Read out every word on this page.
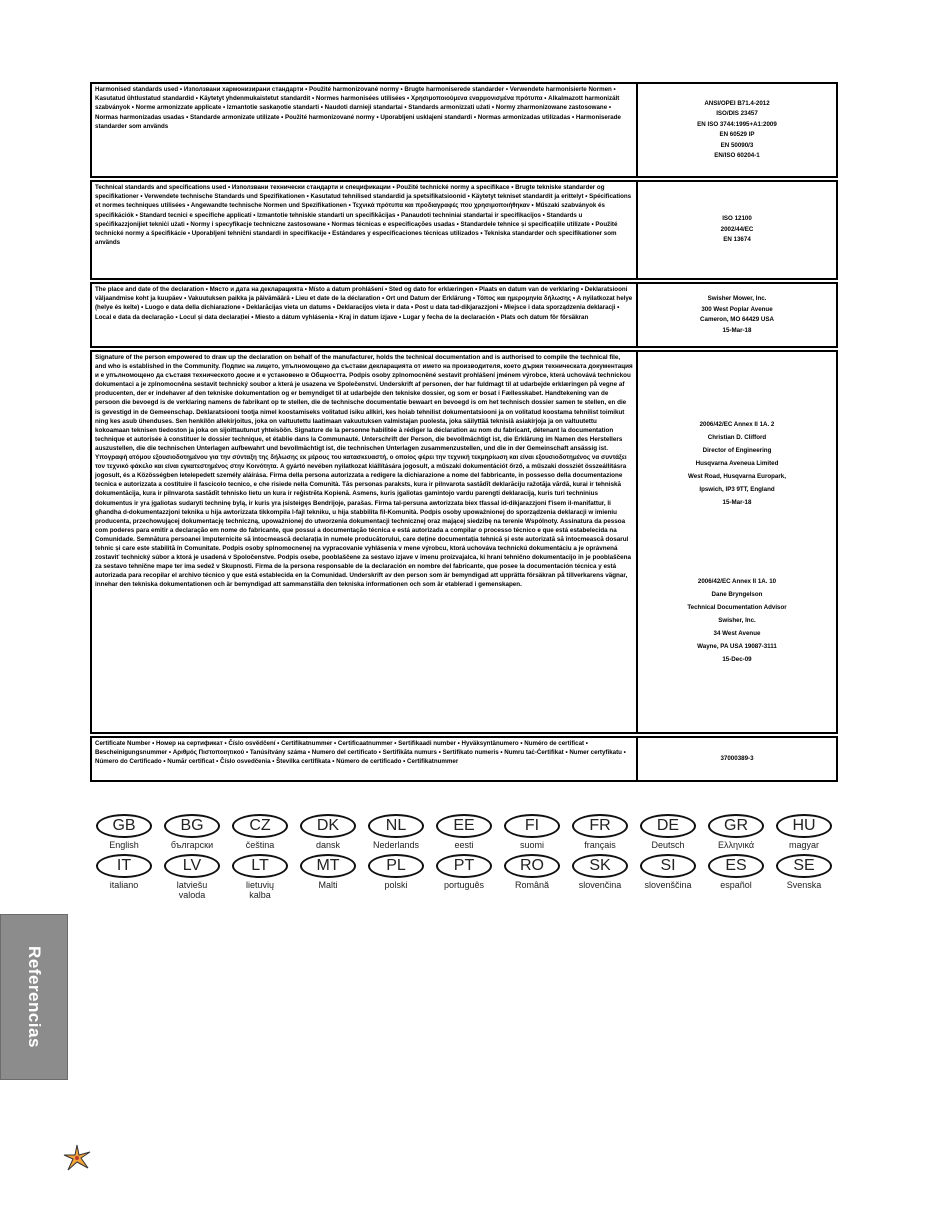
Harmonised standards used • Използвани хармонизирани стандарти • Použité harmonizované normy • Brugte harmoniserede standarder • Verwendete harmonisierte Normen • Kasutatud ühtlustatud standardid • Käytetyt yhdenmukaistetut standardit • Normes harmonisées utilisées • Χρησιμοποιούμενα εναρμονισμένα πρότυπα • Alkalmazott harmonizált szabványok • Norme armonizzate applicate • Izmantotie saskaņotie standarti • Naudoti darnieji standartai • Standards armonizzati użati • Normy zharmonizowane zastosowane • Normas harmonizadas usadas • Standarde armonizate utilizate • Použité harmonizované normy • Uporabljeni usklajeni standardi • Normas armonizadas utilizadas • Harmoniserade standarder som används
ANSI/OPEI B71.4-2012
ISO/DIS 23457
EN ISO 3744:1995+A1:2009
EN 60529 IP
EN 50090/3
EN/ISO 60204-1
Technical standards and specifications used • Използвани технически стандарти и спецификации • Použité technické normy a specifikace • Brugte tekniske standarder og specifikationer • Verwendete technische Standards und Spezifikationen • Kasutatud tehnilised standardid ja spetsifikatsioonid • Käytetyt tekniset standardit ja erittelyt • Spécifications et normes techniques utilisées • Angewandte technische Normen und Spezifikationen • Τεχνικά πρότυπα και προδιαγραφές που χρησιμοποιήθηκαν • Műszaki szabványok és specifikációk • Standard tecnici e specifiche applicati • Izmantotie tehniskie standarti un specifikācijas • Panaudoti techniniai standartai ir specifikacijos • Standards u speċifikazzjonijiet tekniċi użati • Normy i specyfikacje techniczne zastosowane • Normas técnicas e especificações usadas • Standardele tehnice și specificațiile utilizate • Použité technické normy a špecifikácie • Uporabljeni tehnični standardi in specifikacije • Estándares y especificaciones técnicas utilizados • Tekniska standarder och specifikationer som används
ISO 12100
2002/44/EC
EN 13674
The place and date of the declaration • Място и дата на декларацията • Místo a datum prohlášení • Sted og dato for erklæringen • Plaats en datum van de verklaring • Deklaratsiooni väljaandmise koht ja kuupäev • Vakuutuksen paikka ja päivämäärä • Lieu et date de la déclaration • Ort und Datum der Erklärung • Τόπος και ημερομηνία δήλωσης • A nyilatkozat helye (helye és kelte) • Luogo e data della dichiarazione • Deklarācijas vieta un datums • Deklaracijos vieta ir data • Post u data tad-dikjarazzjoni • Miejsce i data sporządzenia deklaracji • Local e data da declaração • Locul și data declarației • Miesto a dátum vyhlásenia • Kraj in datum izjave • Lugar y fecha de la declaración • Plats och datum för försäkran
Swisher Mower, Inc.
300 West Poplar Avenue
Cameron, MO 64429 USA
15-Mar-18
Signature of the person empowered to draw up the declaration on behalf of the manufacturer, holds the technical documentation and is authorised to compile the technical file, and who is established in the Community. Подпис на лицето, упълномощено да състави декларацията от името на производителя, което държи техническата документация и е упълномощено да съставя техническото досие и е установено в Общността. Podpis osoby zplnomocněné sestavit prohlášení jménem výrobce, která uchovává technickou dokumentaci a je zplnomocněna sestavit technický soubor a která je usazena ve Společenství. Underskrift af personen, der har fuldmagt til at udarbejde erklæringen på vegne af producenten, der er indehaver af den tekniske dokumentation og er bemyndiget til at udarbejde den tekniske dossier, og som er bosat i Fællesskabet. Handtekening van de persoon die bevoegd is de verklaring namens de fabrikant op te stellen, die de technische documentatie bewaart en bevoegd is om het technisch dossier samen te stellen, en die is gevestigd in de Gemeenschap. Deklaratsiooni tootja nimel koostamiseks volitatud isiku allkiri, kes hoiab tehnilist dokumentatsiooni ja on volitatud koostama tehnilist toimikut ning kes asub ühenduses. Sen henkilön allekirjoitus, joka on valtuutettu laatimaan vakuutuksen valmistajan puolesta, joka säilyttää teknisiä asiakirjoja ja on valtuutettu kokoamaan teknisen tiedoston ja joka on sijoittautunut yhteisöön. Signature de la personne habilitée à rédiger la déclaration au nom du fabricant, détenant la documentation technique et autorisée à constituer le dossier technique, et établie dans la Communauté. Unterschrift der Person, die bevollmächtigt ist, die Erklärung im Namen des Herstellers auszustellen, die die technischen Unterlagen aufbewahrt und bevollmächtigt ist, die technischen Unterlagen zusammenzustellen, und die in der Gemeinschaft ansässig ist. Υπογραφή ατόμου εξουσιοδοτημένου για την σύνταξη της δήλωσης εκ μέρους του κατασκευαστή, ο οποίος φέρει την τεχνική τεκμηρίωση και είναι εξουσιοδοτημένος να συντάξει τον τεχνικό φάκελο και είναι εγκατεστημένος στην Κοινότητα. A gyártó nevében nyilatkozat kiállítására jogosult, a műszaki dokumentációt őrző, a műszaki dossziét összeállításra jogosult, és a Közösségben letelepedett személy aláírása. Firma della persona autorizzata a redigere la dichiarazione a nome del fabbricante, in possesso della documentazione tecnica e autorizzata a costituire il fascicolo tecnico, e che risiede nella Comunità. Tās personas paraksts, kura ir pilnvarota sastādīt deklarāciju ražotāja vārdā, kurai ir tehniskā dokumentācija, kura ir pilnvarota sastādīt tehnisko lietu un kura ir reģistrēta Kopienā. Asmens, kuris įgaliotas gamintojo vardu parengti deklaraciją, kuris turi techninius dokumentus ir yra įgaliotas sudaryti techninę bylą, ir kuris yra įsisteigęs Bendrijoje, parašas. Firma tal-persuna awtorizzata biex tfassal id-dikjarazzjoni f'isem il-manifattur, li għandha d-dokumentazzjoni teknika u hija awtorizzata tikkompila l-fajl tekniku, u hija stabbilita fil-Komunità. Podpis osoby upoważnionej do sporządzenia deklaracji w imieniu producenta, przechowującej dokumentację techniczną, upoważnionej do utworzenia dokumentacji technicznej oraz mającej siedzibę na terenie Wspólnoty. Assinatura da pessoa com poderes para emitir a declaração em nome do fabricante, que possui a documentação técnica e está autorizada a compilar o processo técnico e que está estabelecida na Comunidade. Semnătura persoanei împuternicite să întocmească declarația în numele producătorului, care deține documentația tehnică și este autorizată să întocmească dosarul tehnic și care este stabilită în Comunitate. Podpis osoby splnomocnenej na vypracovanie vyhlásenia v mene výrobcu, ktorá uchováva technickú dokumentáciu a je oprávnená zostaviť technický súbor a ktorá je usadená v Spoločenstve. Podpis osebe, pooblaščene za sestavo izjave v imenu proizvajalca, ki hrani tehnično dokumentacijo in je pooblaščena za sestavo tehnične mape ter ima sedež v Skupnosti. Firma de la persona responsable de la declaración en nombre del fabricante, que posee la documentación técnica y está autorizada para recopilar el archivo técnico y que está establecida en la Comunidad. Underskrift av den person som är bemyndigad att upprätta försäkran på tillverkarens vägnar, innehar den tekniska dokumentationen och är bemyndigad att sammanställa den tekniska informationen och som är etablerad i gemenskapen.
2006/42/EC Annex II 1A. 2
Christian D. Clifford
Director of Engineering
Husqvarna Aveneua Limited
West Road, Husqvarna Europark,
Ipswich, IP3 9TT, England
15-Mar-18
2006/42/EC Annex II 1A. 10
Dane Bryngelson
Technical Documentation Advisor
Swisher, Inc.
34 West Avenue
Wayne, PA USA 19087-3111
15-Dec-09
Certificate Number • Номер на сертификат • Číslo osvědčení • Certifikatnummer • Certificaatnummer • Sertifikaadi number • Hyväksyntänumero • Numéro de certificat • Bescheinigungsnummer • Αριθμός Πιστοποιητικού • Tanúsítvány száma • Numero del certificato • Sertifikāta numurs • Sertifikato numeris • Numru taċ-Ċertifikat • Numer certyfikatu • Número do Certificado • Număr certificat • Číslo osvedčenia • Številka certifikata • Número de certificado • Certifikatnummer
37000389-3
GB
English
BG
български
CZ
čeština
DK
dansk
NL
Nederlands
EE
eesti
FI
suomi
FR
français
DE
Deutsch
GR
Ελληνικά
HU
magyar
IT
italiano
LV
latviešu valoda
LT
lietuvių kalba
MT
Malti
PL
polski
PT
português
RO
Română
SK
slovenčina
SI
slovenščina
ES
español
SE
Svenska
Referencias
